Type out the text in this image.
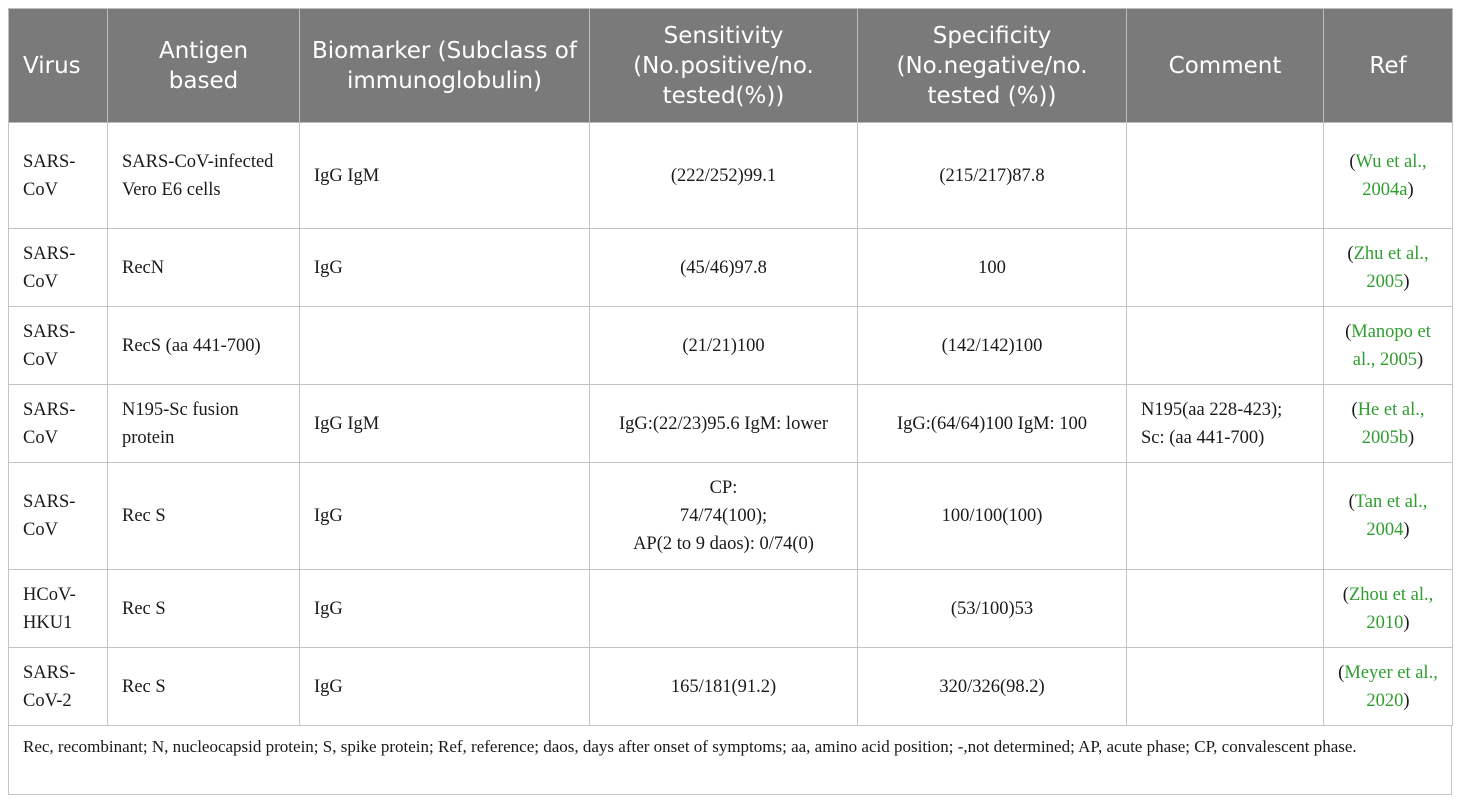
Virus	Antigen based	Biomarker (Subclass of immunoglobulin)	Sensitivity (No.positive/no. tested(%))	Specificity (No.negative/no. tested (%))	Comment	Ref
SARS-CoV	SARS-CoV-infected Vero E6 cells	IgG IgM	(222/252)99.1	(215/217)87.8		(Wu et al., 2004a)
SARS-CoV	RecN	IgG	(45/46)97.8	100		(Zhu et al., 2005)
SARS-CoV	RecS (aa 441-700)		(21/21)100	(142/142)100		(Manopo et al., 2005)
SARS-CoV	N195-Sc fusion protein	IgG IgM	IgG:(22/23)95.6 IgM: lower	IgG:(64/64)100 IgM: 100	N195(aa 228-423); Sc: (aa 441-700)	(He et al., 2005b)
SARS-CoV	Rec S	IgG	CP:
74/74(100);
AP(2 to 9 daos): 0/74(0)	100/100(100)		(Tan et al., 2004)
HCoV-HKU1	Rec S	IgG		(53/100)53		(Zhou et al., 2010)
SARS-CoV-2	Rec S	IgG	165/181(91.2)	320/326(98.2)		(Meyer et al., 2020)
Rec, recombinant; N, nucleocapsid protein; S, spike protein; Ref, reference; daos, days after onset of symptoms; aa, amino acid position; -,not determined; AP, acute phase; CP, convalescent phase.
